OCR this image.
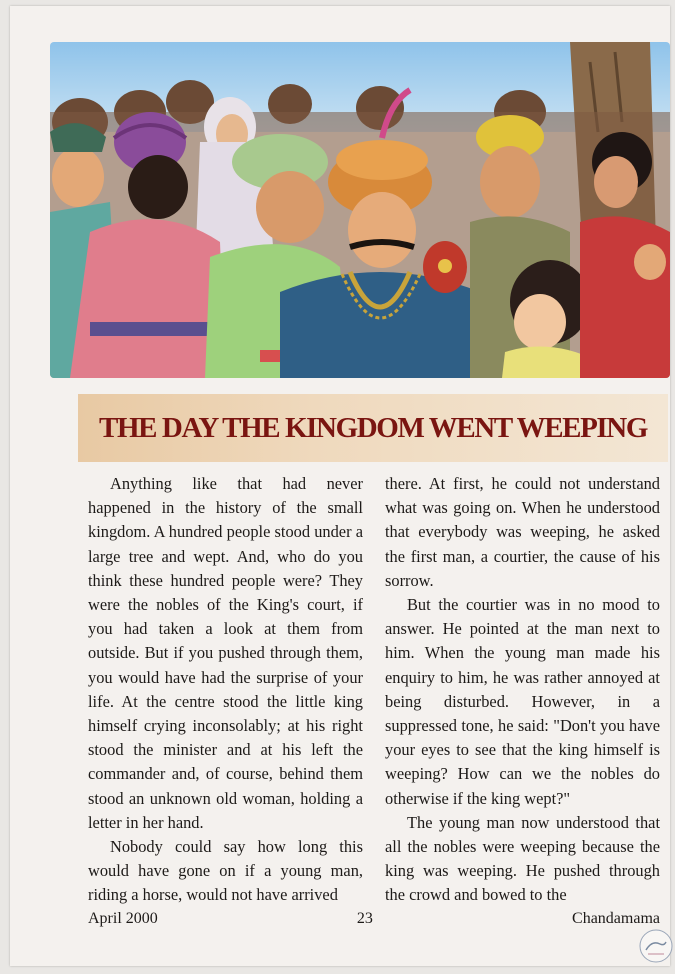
THE DAY THE KINGDOM WENT WEEPING

Anything like that had never happened in the history of the small kingdom. A hundred people stood under a large tree and wept. And, who do you think these hundred people were? They were the nobles of the King's court, if you had taken a look at them from outside. But if you pushed through them, you would have had the surprise of your life. At the centre stood the little king himself crying inconsolably; at his right stood the minister and at his left the commander and, of course, behind them stood an unknown old woman, holding a letter in her hand.

Nobody could say how long this would have gone on if a young man, riding a horse, would not have arrived

there. At first, he could not understand what was going on. When he understood that everybody was weeping, he asked the first man, a courtier, the cause of his sorrow.

But the courtier was in no mood to answer. He pointed at the man next to him. When the young man made his enquiry to him, he was rather annoyed at being disturbed. However, in a suppressed tone, he said: "Don't you have your eyes to see that the king himself is weeping? How can we the nobles do otherwise if the king wept?"

The young man now understood that all the nobles were weeping because the king was weeping. He pushed through the crowd and bowed to the

April 2000	23	Chandamama
